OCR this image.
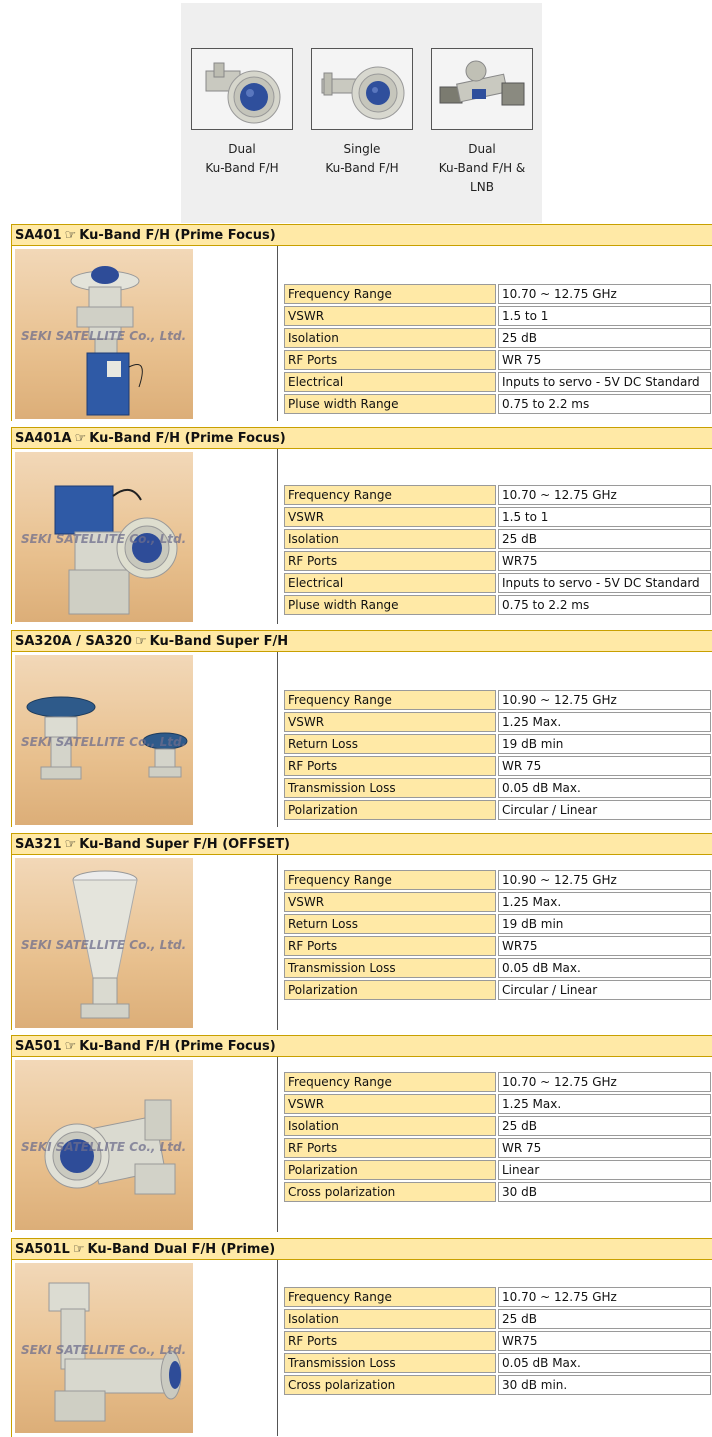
Dual
Ku-Band F/H
Single
Ku-Band F/H
Dual
Ku-Band F/H & LNB
SA401 ☞ Ku-Band F/H (Prime Focus)
SEKI SATELLITE Co., Ltd.
Frequency Range	10.70 ~ 12.75 GHz
VSWR	1.5 to 1
Isolation	25 dB
RF Ports	WR 75
Electrical	Inputs to servo - 5V DC Standard
Pluse width Range	0.75 to 2.2 ms
SA401A ☞ Ku-Band F/H (Prime Focus)
SEKI SATELLITE Co., Ltd.
Frequency Range	10.70 ~ 12.75 GHz
VSWR	1.5 to 1
Isolation	25 dB
RF Ports	WR75
Electrical	Inputs to servo - 5V DC Standard
Pluse width Range	0.75 to 2.2 ms
SA320A / SA320 ☞ Ku-Band Super F/H
SEKI SATELLITE Co., Ltd.
Frequency Range	10.90 ~ 12.75 GHz
VSWR	1.25 Max.
Return Loss	19 dB min
RF Ports	WR 75
Transmission Loss	0.05 dB Max.
Polarization	Circular / Linear
SA321 ☞ Ku-Band Super F/H (OFFSET)
SEKI SATELLITE Co., Ltd.
Frequency Range	10.90 ~ 12.75 GHz
VSWR	1.25 Max.
Return Loss	19 dB min
RF Ports	WR75
Transmission Loss	0.05 dB Max.
Polarization	Circular / Linear
SA501 ☞ Ku-Band F/H (Prime Focus)
SEKI SATELLITE Co., Ltd.
Frequency Range	10.70 ~ 12.75 GHz
VSWR	1.25 Max.
Isolation	25 dB
RF Ports	WR 75
Polarization	Linear
Cross polarization	30 dB
SA501L ☞ Ku-Band Dual F/H (Prime)
SEKI SATELLITE Co., Ltd.
Frequency Range	10.70 ~ 12.75 GHz
Isolation	25 dB
RF Ports	WR75
Transmission Loss	0.05 dB Max.
Cross polarization	30 dB min.
